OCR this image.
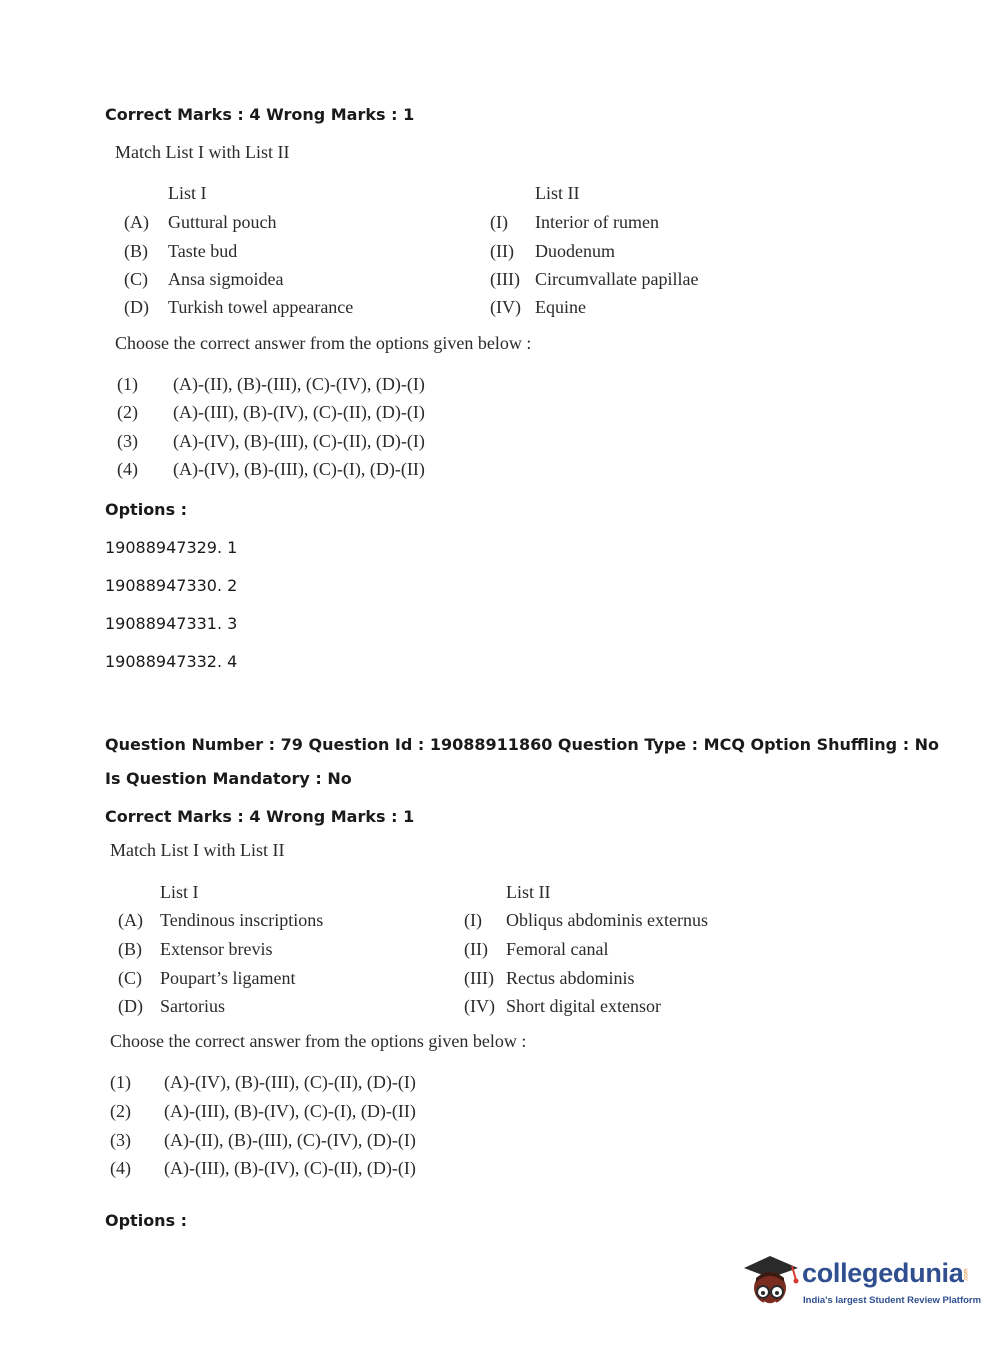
Correct Marks : 4 Wrong Marks : 1
Match List I with List II
List I	List II
(A) Guttural pouch
(B) Taste bud
(C) Ansa sigmoidea
(D) Turkish towel appearance
(I) Interior of rumen
(II) Duodenum
(III) Circumvallate papillae
(IV) Equine
Choose the correct answer from the options given below :
(1) (A)-(II), (B)-(III), (C)-(IV), (D)-(I)
(2) (A)-(III), (B)-(IV), (C)-(II), (D)-(I)
(3) (A)-(IV), (B)-(III), (C)-(II), (D)-(I)
(4) (A)-(IV), (B)-(III), (C)-(I), (D)-(II)
Options :
19088947329. 1
19088947330. 2
19088947331. 3
19088947332. 4
Question Number : 79 Question Id : 19088911860 Question Type : MCQ Option Shuffling : No
Is Question Mandatory : No
Correct Marks : 4 Wrong Marks : 1
Match List I with List II
List I	List II
(A) Tendinous inscriptions
(B) Extensor brevis
(C) Poupart’s ligament
(D) Sartorius
(I) Obliqus abdominis externus
(II) Femoral canal
(III) Rectus abdominis
(IV) Short digital extensor
Choose the correct answer from the options given below :
(1) (A)-(IV), (B)-(III), (C)-(II), (D)-(I)
(2) (A)-(III), (B)-(IV), (C)-(I), (D)-(II)
(3) (A)-(II), (B)-(III), (C)-(IV), (D)-(I)
(4) (A)-(III), (B)-(IV), (C)-(II), (D)-(I)
Options :
collegedunia .com
India's largest Student Review Platform
